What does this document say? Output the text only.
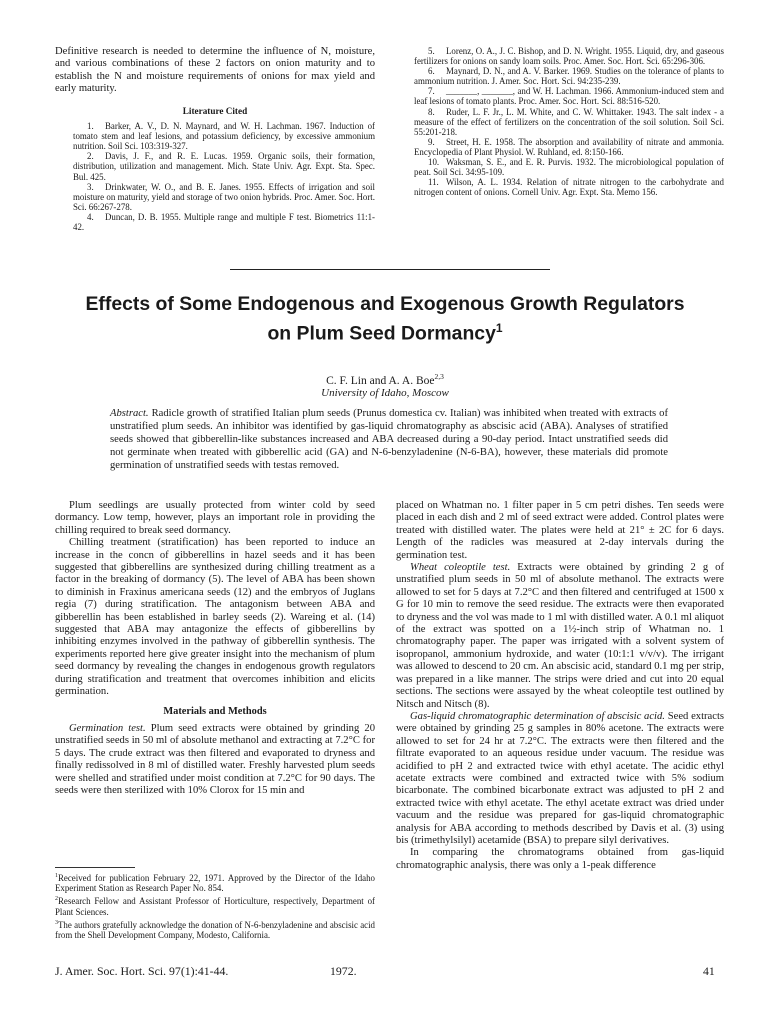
Definitive research is needed to determine the influence of N, moisture, and various combinations of these 2 factors on onion maturity and to establish the N and moisture requirements of onions for max yield and early maturity.

Literature Cited

1. Barker, A. V., D. N. Maynard, and W. H. Lachman. 1967. Induction of tomato stem and leaf lesions, and potassium deficiency, by excessive ammonium nutrition. Soil Sci. 103:319-327.

2. Davis, J. F., and R. E. Lucas. 1959. Organic soils, their formation, distribution, utilization and management. Mich. State Univ. Agr. Expt. Sta. Spec. Bul. 425.

3. Drinkwater, W. O., and B. E. Janes. 1955. Effects of irrigation and soil moisture on maturity, yield and storage of two onion hybrids. Proc. Amer. Soc. Hort. Sci. 66:267-278.

4. Duncan, D. B. 1955. Multiple range and multiple F test. Biometrics 11:1-42.

5. Lorenz, O. A., J. C. Bishop, and D. N. Wright. 1955. Liquid, dry, and gaseous fertilizers for onions on sandy loam soils. Proc. Amer. Soc. Hort. Sci. 65:296-306.

6. Maynard, D. N., and A. V. Barker. 1969. Studies on the tolerance of plants to ammonium nutrition. J. Amer. Soc. Hort. Sci. 94:235-239.

7. _______, _______, and W. H. Lachman. 1966. Ammonium-induced stem and leaf lesions of tomato plants. Proc. Amer. Soc. Hort. Sci. 88:516-520.

8. Ruder, L. F. Jr., L. M. White, and C. W. Whittaker. 1943. The salt index - a measure of the effect of fertilizers on the concentration of the soil solution. Soil Sci. 55:201-218.

9. Street, H. E. 1958. The absorption and availability of nitrate and ammonia. Encyclopedia of Plant Physiol. W. Ruhland, ed. 8:150-166.

10. Waksman, S. E., and E. R. Purvis. 1932. The microbiological population of peat. Soil Sci. 34:95-109.

11. Wilson, A. L. 1934. Relation of nitrate nitrogen to the carbohydrate and nitrogen content of onions. Cornell Univ. Agr. Expt. Sta. Memo 156.

Effects of Some Endogenous and Exogenous Growth Regulators
on Plum Seed Dormancy$^1$
C. F. Lin and A. A. Boe$^{2,3}$
University of Idaho, Moscow
Abstract. Radicle growth of stratified Italian plum seeds (Prunus domestica cv. Italian) was inhibited when treated with extracts of unstratified plum seeds. An inhibitor was identified by gas-liquid chromatography as abscisic acid (ABA). Analyses of stratified seeds showed that gibberellin-like substances increased and ABA decreased during a 90-day period. Intact unstratified seeds did not germinate when treated with gibberellic acid (GA) and N-6-benzyladenine (N-6-BA), however, these materials did promote germination of unstratified seeds with testas removed.

Plum seedlings are usually protected from winter cold by seed dormancy. Low temp, however, plays an important role in providing the chilling required to break seed dormancy.

Chilling treatment (stratification) has been reported to induce an increase in the concn of gibberellins in hazel seeds and it has been suggested that gibberellins are synthesized during chilling treatment as a factor in the breaking of dormancy (5). The level of ABA has been shown to diminish in Fraxinus americana seeds (12) and the embryos of Juglans regia (7) during stratification. The antagonism between ABA and gibberellin has been established in barley seeds (2). Wareing et al. (14) suggested that ABA may antagonize the effects of gibberellins by inhibiting enzymes involved in the pathway of gibberellin synthesis. The experiments reported here give greater insight into the mechanism of plum seed dormancy by revealing the changes in endogenous growth regulators during stratification and treatment that overcomes inhibition and elicits germination.

Materials and Methods

Germination test. Plum seed extracts were obtained by grinding 20 unstratified seeds in 50 ml of absolute methanol and extracting at 7.2°C for 5 days. The crude extract was then filtered and evaporated to dryness and finally redissolved in 8 ml of distilled water. Freshly harvested plum seeds were shelled and stratified under moist condition at 7.2°C for 90 days. The seeds were then sterilized with 10% Clorox for 15 min and

$^1$Received for publication February 22, 1971. Approved by the Director of the Idaho Experiment Station as Research Paper No. 854.

$^2$Research Fellow and Assistant Professor of Horticulture, respectively, Department of Plant Sciences.

$^3$The authors gratefully acknowledge the donation of N-6-benzyladenine and abscisic acid from the Shell Development Company, Modesto, California.

placed on Whatman no. 1 filter paper in 5 cm petri dishes. Ten seeds were placed in each dish and 2 ml of seed extract were added. Control plates were treated with distilled water. The plates were held at 21° ± 2C for 6 days. Length of the radicles was measured at 2-day intervals during the germination test.

Wheat coleoptile test. Extracts were obtained by grinding 2 g of unstratified plum seeds in 50 ml of absolute methanol. The extracts were allowed to set for 5 days at 7.2°C and then filtered and centrifuged at 1500 x G for 10 min to remove the seed residue. The extracts were then evaporated to dryness and the vol was made to 1 ml with distilled water. A 0.1 ml aliquot of the extract was spotted on a 1½-inch strip of Whatman no. 1 chromatography paper. The paper was irrigated with a solvent system of isopropanol, ammonium hydroxide, and water (10:1:1 v/v/v). The irrigant was allowed to descend to 20 cm. An abscisic acid, standard 0.1 mg per strip, was prepared in a like manner. The strips were dried and cut into 20 equal sections. The sections were assayed by the wheat coleoptile test outlined by Nitsch and Nitsch (8).

Gas-liquid chromatographic determination of abscisic acid. Seed extracts were obtained by grinding 25 g samples in 80% acetone. The extracts were allowed to set for 24 hr at 7.2°C. The extracts were then filtered and the filtrate evaporated to an aqueous residue under vacuum. The residue was acidified to pH 2 and extracted twice with ethyl acetate. The acidic ethyl acetate extracts were combined and extracted twice with 5% sodium bicarbonate. The combined bicarbonate extract was adjusted to pH 2 and extracted twice with ethyl acetate. The ethyl acetate extract was dried under vacuum and the residue was prepared for gas-liquid chromatographic analysis for ABA according to methods described by Davis et al. (3) using bis (trimethylsilyl) acetamide (BSA) to prepare silyl derivatives.

In comparing the chromatograms obtained from gas-liquid chromatographic analysis, there was only a 1-peak difference

J. Amer. Soc. Hort. Sci. 97(1):41-44.	1972.	41
